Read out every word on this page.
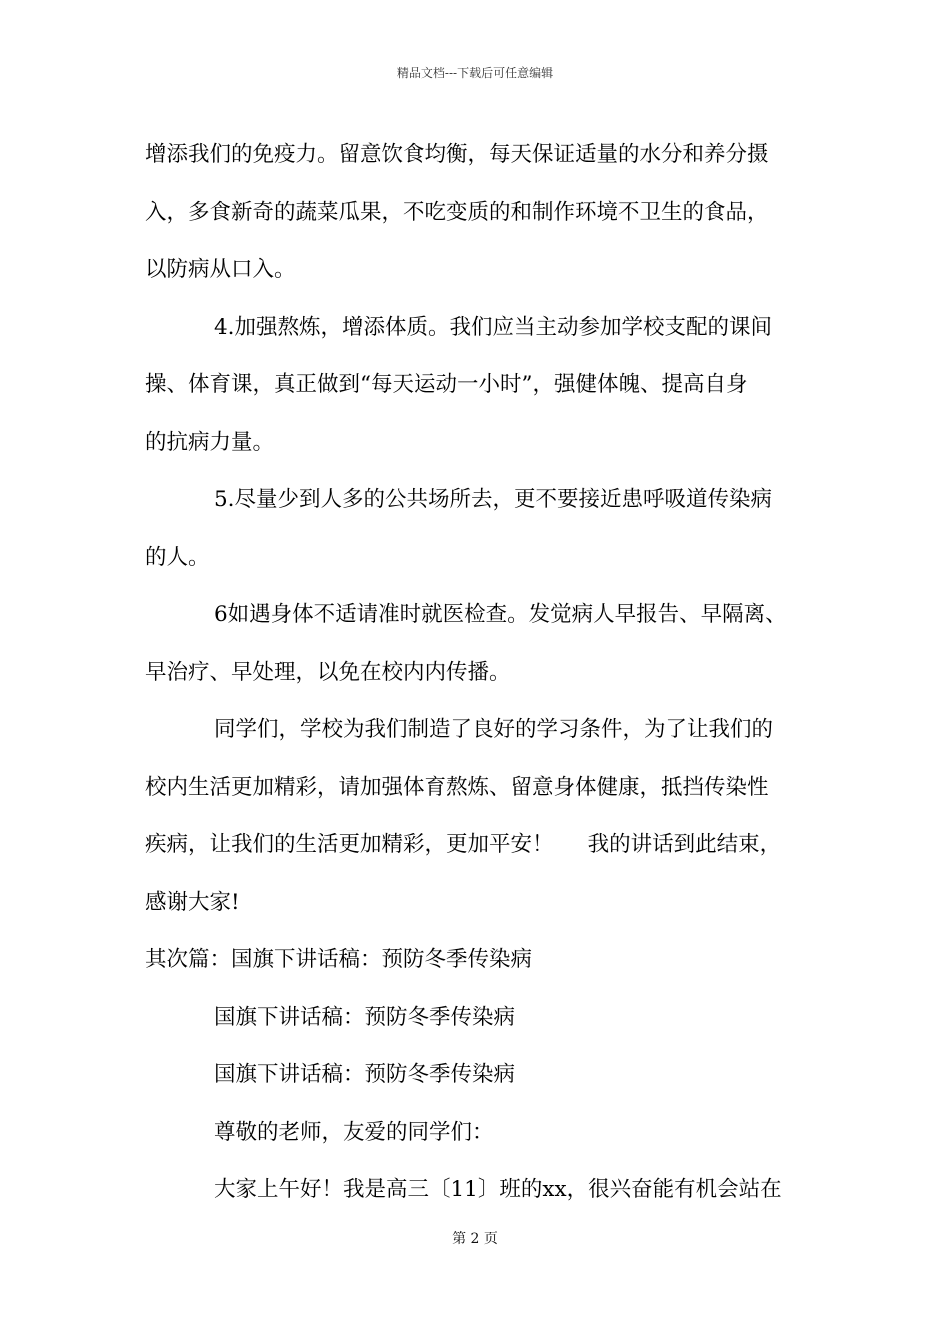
精品文档---下载后可任意编辑

增添我们的免疫力。留意饮食均衡，每天保证适量的水分和养分摄

入，多食新奇的蔬菜瓜果，不吃变质的和制作环境不卫生的食品，

以防病从口入。

4.加强熬炼，增添体质。我们应当主动参加学校支配的课间

操、体育课，真正做到“每天运动一小时”，强健体魄、提高自身

的抗病力量。

5.尽量少到人多的公共场所去，更不要接近患呼吸道传染病

的人。

6如遇身体不适请准时就医检查。发觉病人早报告、早隔离、

早治疗、早处理，以免在校内内传播。

同学们，学校为我们制造了良好的学习条件，为了让我们的

校内生活更加精彩，请加强体育熬炼、留意身体健康，抵挡传染性

疾病，让我们的生活更加精彩，更加平安！     我的讲话到此结束，

感谢大家!

其次篇：国旗下讲话稿：预防冬季传染病

国旗下讲话稿：预防冬季传染病

国旗下讲话稿：预防冬季传染病

尊敬的老师，友爱的同学们：

大家上午好！我是高三〔11〕班的xx，很兴奋能有机会站在

第 2 页
